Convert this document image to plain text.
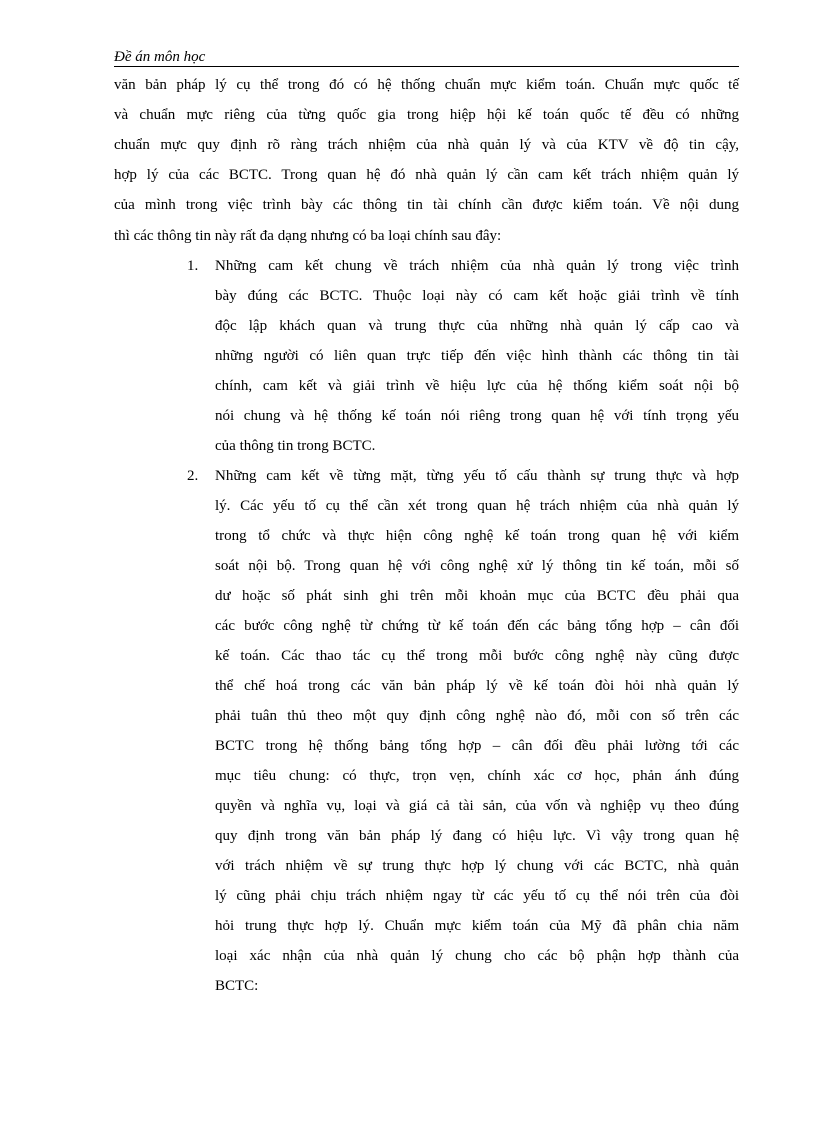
Đề án môn học
văn bản pháp lý cụ thể trong đó có hệ thống chuẩn mực kiểm toán. Chuẩn mực quốc tế
và chuẩn mực riêng của từng quốc gia trong hiệp hội kế toán quốc tế đều có những
chuẩn mực quy định rõ ràng trách nhiệm của nhà quản lý và của KTV về độ tin cậy,
hợp lý của các BCTC. Trong quan hệ đó nhà quản lý cần cam kết trách nhiệm quản lý
của mình trong việc trình bày các thông tin tài chính cần được kiểm toán. Về nội dung
thì các thông tin này rất đa dạng nhưng có ba loại chính sau đây:
1. Những cam kết chung về trách nhiệm của nhà quản lý trong việc trình
bày đúng các BCTC. Thuộc loại này có cam kết hoặc giải trình về tính
độc lập khách quan và trung thực của những nhà quản lý cấp cao và
những người có liên quan trực tiếp đến việc hình thành các thông tin tài
chính, cam kết và giải trình về hiệu lực của hệ thống kiểm soát nội bộ
nói chung và hệ thống kế toán nói riêng trong quan hệ với tính trọng yếu
của thông tin trong BCTC.
2. Những cam kết về từng mặt, từng yếu tố cấu thành sự trung thực và hợp
lý. Các yếu tố cụ thể cần xét trong quan hệ trách nhiệm của nhà quản lý
trong tổ chức và thực hiện công nghệ kế toán trong quan hệ với kiểm
soát nội bộ. Trong quan hệ với công nghệ xử lý thông tin kế toán, mỗi số
dư hoặc số phát sinh ghi trên mỗi khoản mục của BCTC đều phải qua
các bước công nghệ từ chứng từ kế toán đến các bảng tổng hợp – cân đối
kế toán. Các thao tác cụ thể trong mỗi bước công nghệ này cũng được
thể chế hoá trong các văn bản pháp lý về kế toán đòi hỏi nhà quản lý
phải tuân thủ theo một quy định công nghệ nào đó, mỗi con số trên các
BCTC trong hệ thống bảng tổng hợp – cân đối đều phải lường tới các
mục tiêu chung: có thực, trọn vẹn, chính xác cơ học, phản ánh đúng
quyền và nghĩa vụ, loại và giá cả tài sản, của vốn và nghiệp vụ theo đúng
quy định trong văn bản pháp lý đang có hiệu lực. Vì vậy trong quan hệ
với trách nhiệm về sự trung thực hợp lý chung với các BCTC, nhà quản
lý cũng phải chịu trách nhiệm ngay từ các yếu tố cụ thể nói trên của đòi
hỏi trung thực hợp lý. Chuẩn mực kiểm toán của Mỹ đã phân chia năm
loại xác nhận của nhà quản lý chung cho các bộ phận hợp thành của
BCTC:
